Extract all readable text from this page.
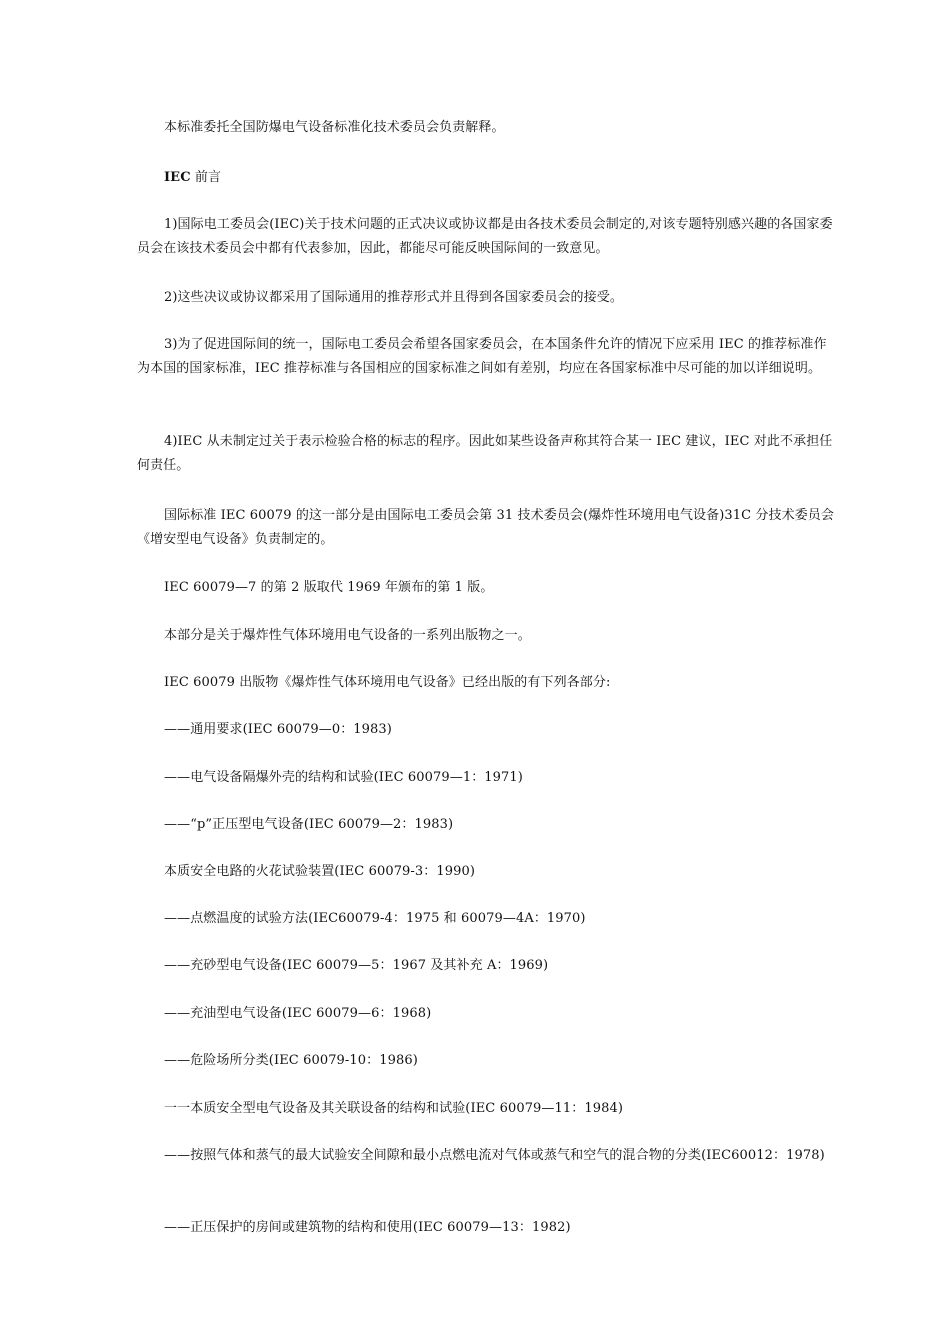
本标准委托全国防爆电气设备标准化技术委员会负责解释。

IEC 前言

1)国际电工委员会(IEC)关于技术问题的正式决议或协议都是由各技术委员会制定的,对该专题特别感兴趣的各国家委员会在该技术委员会中都有代表参加，因此，都能尽可能反映国际间的一致意见。

2)这些决议或协议都采用了国际通用的推荐形式并且得到各国家委员会的接受。

3)为了促进国际间的统一，国际电工委员会希望各国家委员会，在本国条件允许的情况下应采用 IEC 的推荐标准作为本国的国家标准，IEC 推荐标准与各国相应的国家标准之间如有差别，均应在各国家标准中尽可能的加以详细说明。

4)IEC 从未制定过关于表示检验合格的标志的程序。因此如某些设备声称其符合某一 IEC 建议，IEC 对此不承担任何责任。

国际标准 IEC 60079 的这一部分是由国际电工委员会第 31 技术委员会(爆炸性环境用电气设备)31C 分技术委员会《增安型电气设备》负责制定的。

IEC 60079—7 的第 2 版取代 1969 年颁布的第 1 版。

本部分是关于爆炸性气体环境用电气设备的一系列出版物之一。

IEC 60079 出版物《爆炸性气体环境用电气设备》已经出版的有下列各部分:

——通用要求(IEC 60079—0：1983)

——电气设备隔爆外壳的结构和试验(IEC 60079—1：1971)

——“p”正压型电气设备(IEC 60079—2：1983)

本质安全电路的火花试验装置(IEC 60079-3：1990)

——点燃温度的试验方法(IEC60079-4：1975 和 60079—4A：1970)

——充砂型电气设备(IEC 60079—5：1967 及其补充 A：1969)

——充油型电气设备(IEC 60079—6：1968)

——危险场所分类(IEC 60079-10：1986)

一一本质安全型电气设备及其关联设备的结构和试验(IEC 60079—11：1984)

——按照气体和蒸气的最大试验安全间隙和最小点燃电流对气体或蒸气和空气的混合物的分类(IEC60012：1978)

——正压保护的房间或建筑物的结构和使用(IEC 60079—13：1982)
